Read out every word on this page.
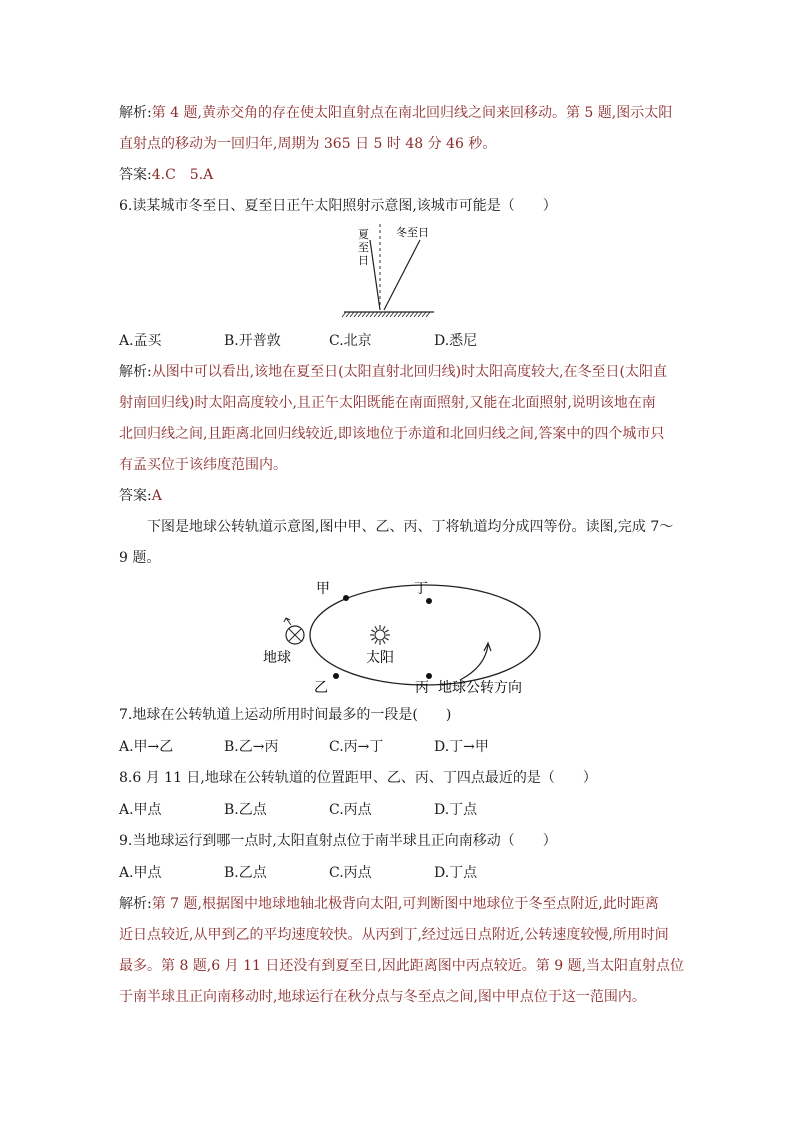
解析:第 4 题,黄赤交角的存在使太阳直射点在南北回归线之间来回移动。第 5 题,图示太阳
直射点的移动为一回归年,周期为 365 日 5 时 48 分 46 秒。
答案:4.C　5.A
6.读某城市冬至日、夏至日正午太阳照射示意图,该城市可能是（　　）
夏
至
日
冬至日
A.孟买	B.开普敦	C.北京	D.悉尼
解析:从图中可以看出,该地在夏至日(太阳直射北回归线)时太阳高度较大,在冬至日(太阳直
射南回归线)时太阳高度较小,且正午太阳既能在南面照射,又能在北面照射,说明该地在南
北回归线之间,且距离北回归线较近,即该地位于赤道和北回归线之间,答案中的四个城市只
有孟买位于该纬度范围内。
答案:A
下图是地球公转轨道示意图,图中甲、乙、丙、丁将轨道均分成四等份。读图,完成 7～
9 题。
甲	丁
乙	丙
地球	太阳
地球公转方向
7.地球在公转轨道上运动所用时间最多的一段是(　　)
A.甲→乙	B.乙→丙	C.丙→丁	D.丁→甲
8.6 月 11 日,地球在公转轨道的位置距甲、乙、丙、丁四点最近的是（　　）
A.甲点	B.乙点	C.丙点	D.丁点
9.当地球运行到哪一点时,太阳直射点位于南半球且正向南移动（　　）
A.甲点	B.乙点	C.丙点	D.丁点
解析:第 7 题,根据图中地球地轴北极背向太阳,可判断图中地球位于冬至点附近,此时距离
近日点较近,从甲到乙的平均速度较快。从丙到丁,经过远日点附近,公转速度较慢,所用时间
最多。第 8 题,6 月 11 日还没有到夏至日,因此距离图中丙点较近。第 9 题,当太阳直射点位
于南半球且正向南移动时,地球运行在秋分点与冬至点之间,图中甲点位于这一范围内。
